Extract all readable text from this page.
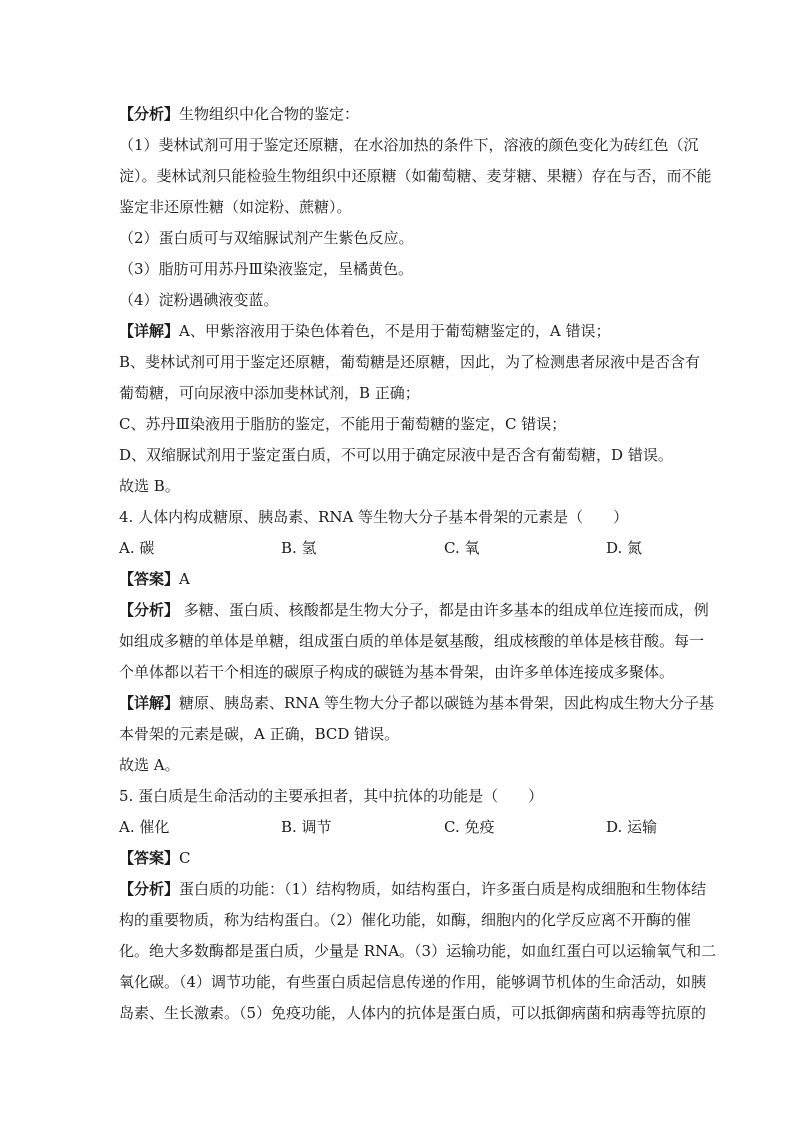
【分析】生物组织中化合物的鉴定：
（1）斐林试剂可用于鉴定还原糖，在水浴加热的条件下，溶液的颜色变化为砖红色（沉
淀）。斐林试剂只能检验生物组织中还原糖（如葡萄糖、麦芽糖、果糖）存在与否，而不能
鉴定非还原性糖（如淀粉、蔗糖）。
（2）蛋白质可与双缩脲试剂产生紫色反应。
（3）脂肪可用苏丹Ⅲ染液鉴定，呈橘黄色。
（4）淀粉遇碘液变蓝。
【详解】A、甲紫溶液用于染色体着色，不是用于葡萄糖鉴定的，A 错误；
B、斐林试剂可用于鉴定还原糖，葡萄糖是还原糖，因此，为了检测患者尿液中是否含有
葡萄糖，可向尿液中添加斐林试剂，B 正确；
C、苏丹Ⅲ染液用于脂肪的鉴定，不能用于葡萄糖的鉴定，C 错误；
D、双缩脲试剂用于鉴定蛋白质，不可以用于确定尿液中是否含有葡萄糖，D 错误。
故选 B。
4. 人体内构成糖原、胰岛素、RNA 等生物大分子基本骨架的元素是（　　）
A. 碳	B. 氢	C. 氧	D. 氮
【答案】A
【分析】 多糖、蛋白质、核酸都是生物大分子，都是由许多基本的组成单位连接而成，例
如组成多糖的单体是单糖，组成蛋白质的单体是氨基酸，组成核酸的单体是核苷酸。每一
个单体都以若干个相连的碳原子构成的碳链为基本骨架，由许多单体连接成多聚体。
【详解】糖原、胰岛素、RNA 等生物大分子都以碳链为基本骨架，因此构成生物大分子基
本骨架的元素是碳，A 正确，BCD 错误。
故选 A。
5. 蛋白质是生命活动的主要承担者，其中抗体的功能是（　　）
A. 催化	B. 调节	C. 免疫	D. 运输
【答案】C
【分析】蛋白质的功能：（1）结构物质，如结构蛋白，许多蛋白质是构成细胞和生物体结
构的重要物质，称为结构蛋白。（2）催化功能，如酶，细胞内的化学反应离不开酶的催
化。绝大多数酶都是蛋白质，少量是 RNA。（3）运输功能，如血红蛋白可以运输氧气和二
氧化碳。（4）调节功能，有些蛋白质起信息传递的作用，能够调节机体的生命活动，如胰
岛素、生长激素。（5）免疫功能，人体内的抗体是蛋白质，可以抵御病菌和病毒等抗原的
